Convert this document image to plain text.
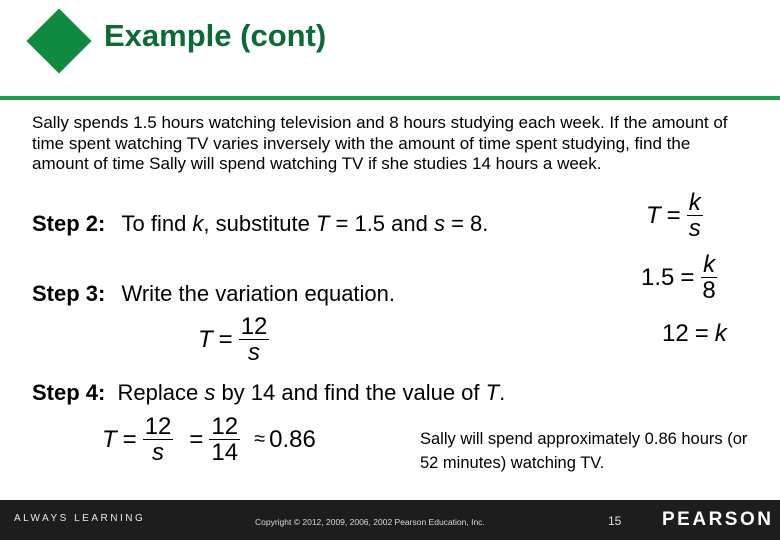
Example (cont)
Sally spends 1.5 hours watching television and 8 hours studying each week. If the amount of time spent watching TV varies inversely with the amount of time spent studying, find the amount of time Sally will spend watching TV if she studies 14 hours a week.
Step 2: To find k, substitute T = 1.5 and s = 8.	$T = \frac{k}{s}$
$1.5 = \frac{k}{8}$
12 = k
Step 3: Write the variation equation.
$T = \frac{12}{s}$
Step 4: Replace s by 14 and find the value of T.
$T = \frac{12}{s} = \frac{12}{14} \approx 0.86$	Sally will spend approximately 0.86 hours (or 52 minutes) watching TV.
ALWAYS LEARNING	Copyright © 2012, 2009, 2006, 2002 Pearson Education, Inc.	15 PEARSON
